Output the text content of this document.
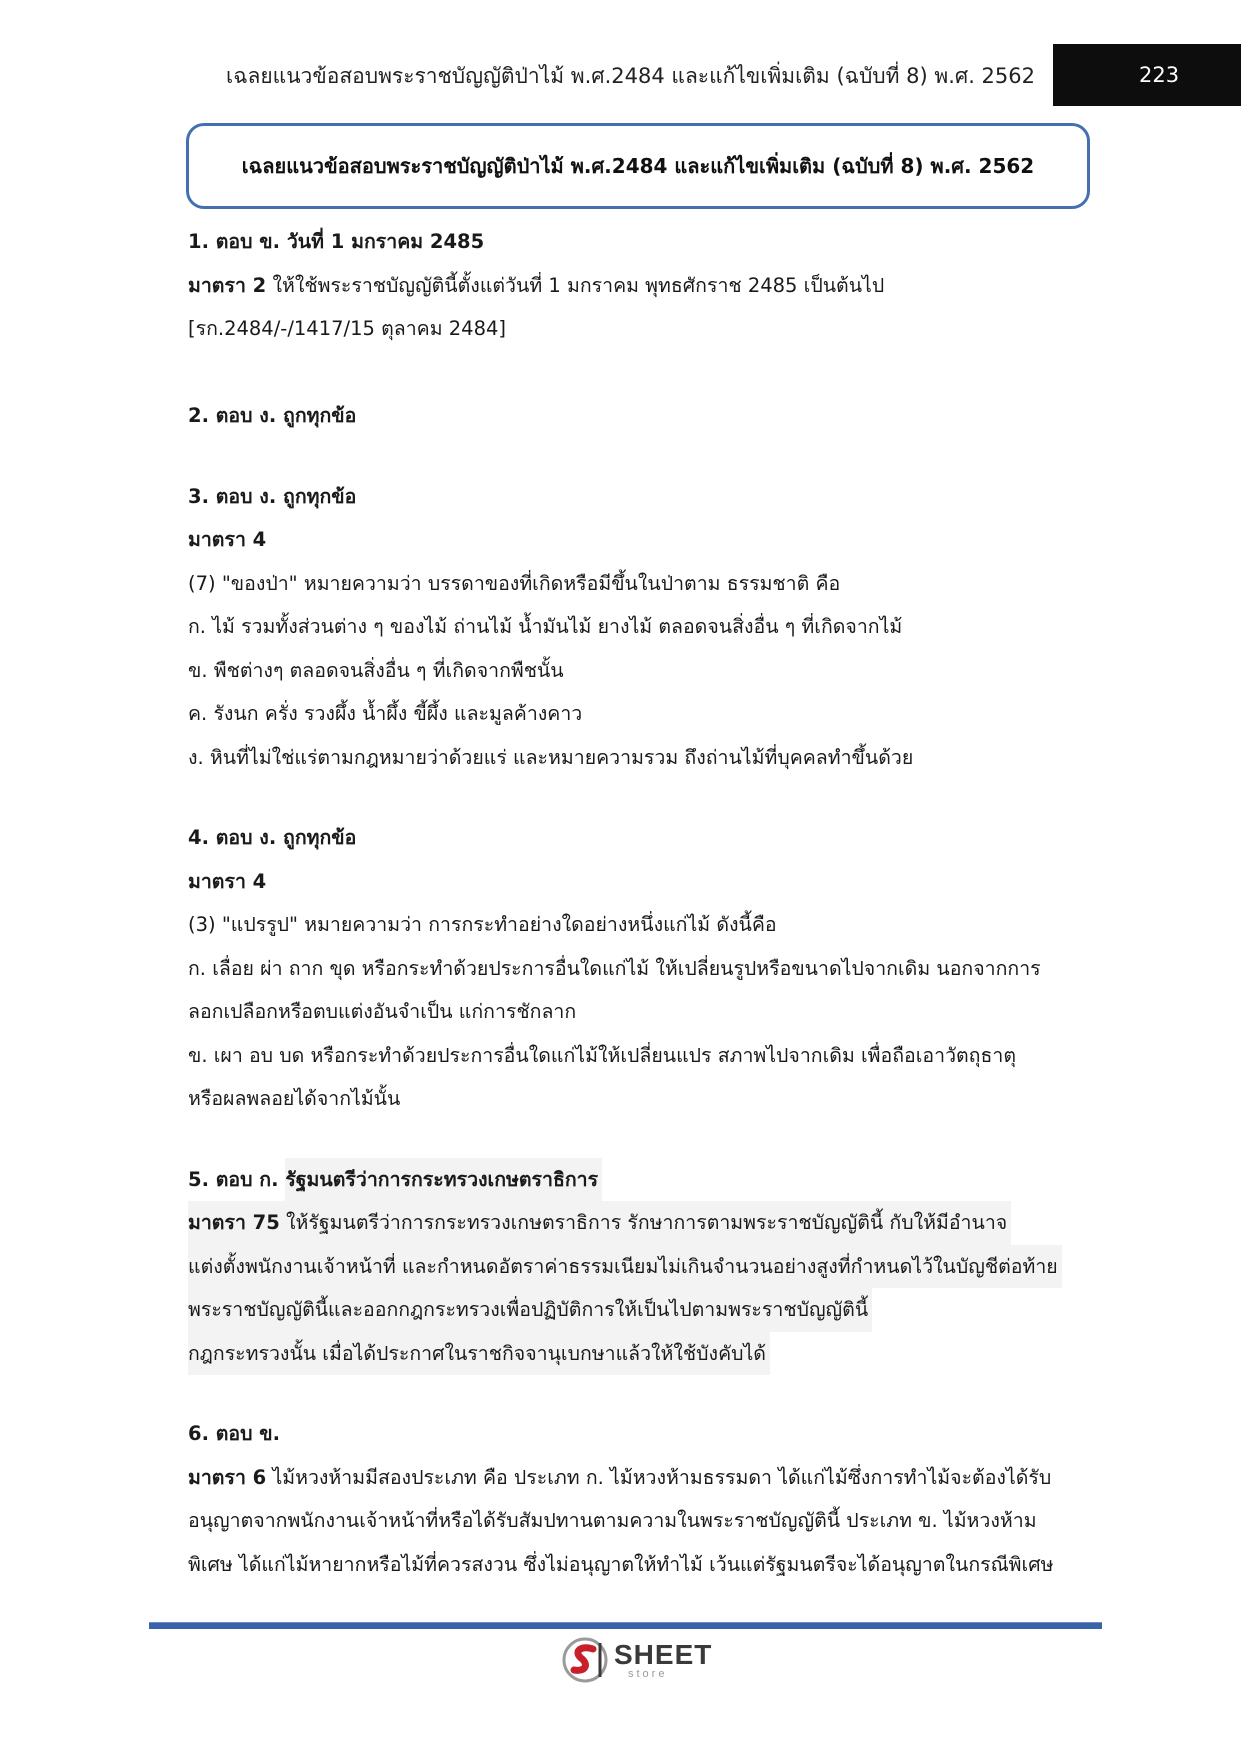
เฉลยแนวข้อสอบพระราชบัญญัติป่าไม้ พ.ศ.2484 และแก้ไขเพิ่มเติม (ฉบับที่ 8) พ.ศ. 2562	223
เฉลยแนวข้อสอบพระราชบัญญัติป่าไม้ พ.ศ.2484 และแก้ไขเพิ่มเติม (ฉบับที่ 8) พ.ศ. 2562
1. ตอบ ข. วันที่ 1 มกราคม 2485
มาตรา 2 ให้ใช้พระราชบัญญัตินี้ตั้งแต่วันที่ 1 มกราคม พุทธศักราช 2485 เป็นต้นไป
[รก.2484/-/1417/15 ตุลาคม 2484]
2. ตอบ ง. ถูกทุกข้อ
3. ตอบ ง. ถูกทุกข้อ
มาตรา 4
(7) "ของป่า" หมายความว่า บรรดาของที่เกิดหรือมีขึ้นในป่าตาม ธรรมชาติ คือ
ก. ไม้ รวมทั้งส่วนต่าง ๆ ของไม้ ถ่านไม้ น้ำมันไม้ ยางไม้ ตลอดจนสิ่งอื่น ๆ ที่เกิดจากไม้
ข. พืชต่างๆ ตลอดจนสิ่งอื่น ๆ ที่เกิดจากพืชนั้น
ค. รังนก ครั่ง รวงผึ้ง น้ำผึ้ง ขี้ผึ้ง และมูลค้างคาว
ง. หินที่ไม่ใช่แร่ตามกฎหมายว่าด้วยแร่ และหมายความรวม ถึงถ่านไม้ที่บุคคลทำขึ้นด้วย
4. ตอบ ง. ถูกทุกข้อ
มาตรา 4
(3) "แปรรูป" หมายความว่า การกระทำอย่างใดอย่างหนึ่งแก่ไม้ ดังนี้คือ
ก. เลื่อย ผ่า ถาก ขุด หรือกระทำด้วยประการอื่นใดแก่ไม้ ให้เปลี่ยนรูปหรือขนาดไปจากเดิม นอกจากการ
ลอกเปลือกหรือตบแต่งอันจำเป็น แก่การชักลาก
ข. เผา อบ บด หรือกระทำด้วยประการอื่นใดแก่ไม้ให้เปลี่ยนแปร สภาพไปจากเดิม เพื่อถือเอาวัตถุธาตุ
หรือผลพลอยได้จากไม้นั้น
5. ตอบ ก. รัฐมนตรีว่าการกระทรวงเกษตราธิการ
มาตรา 75 ให้รัฐมนตรีว่าการกระทรวงเกษตราธิการ รักษาการตามพระราชบัญญัตินี้ กับให้มีอำนาจ
แต่งตั้งพนักงานเจ้าหน้าที่ และกำหนดอัตราค่าธรรมเนียมไม่เกินจำนวนอย่างสูงที่กำหนดไว้ในบัญชีต่อท้าย
พระราชบัญญัตินี้และออกกฎกระทรวงเพื่อปฏิบัติการให้เป็นไปตามพระราชบัญญัตินี้
กฎกระทรวงนั้น เมื่อได้ประกาศในราชกิจจานุเบกษาแล้วให้ใช้บังคับได้
6. ตอบ ข.
มาตรา 6 ไม้หวงห้ามมีสองประเภท คือ ประเภท ก. ไม้หวงห้ามธรรมดา ได้แก่ไม้ซึ่งการทำไม้จะต้องได้รับ
อนุญาตจากพนักงานเจ้าหน้าที่หรือได้รับสัมปทานตามความในพระราชบัญญัตินี้ ประเภท ข. ไม้หวงห้าม
พิเศษ ได้แก่ไม้หายากหรือไม้ที่ควรสงวน ซึ่งไม่อนุญาตให้ทำไม้ เว้นแต่รัฐมนตรีจะได้อนุญาตในกรณีพิเศษ
SHEET
store
